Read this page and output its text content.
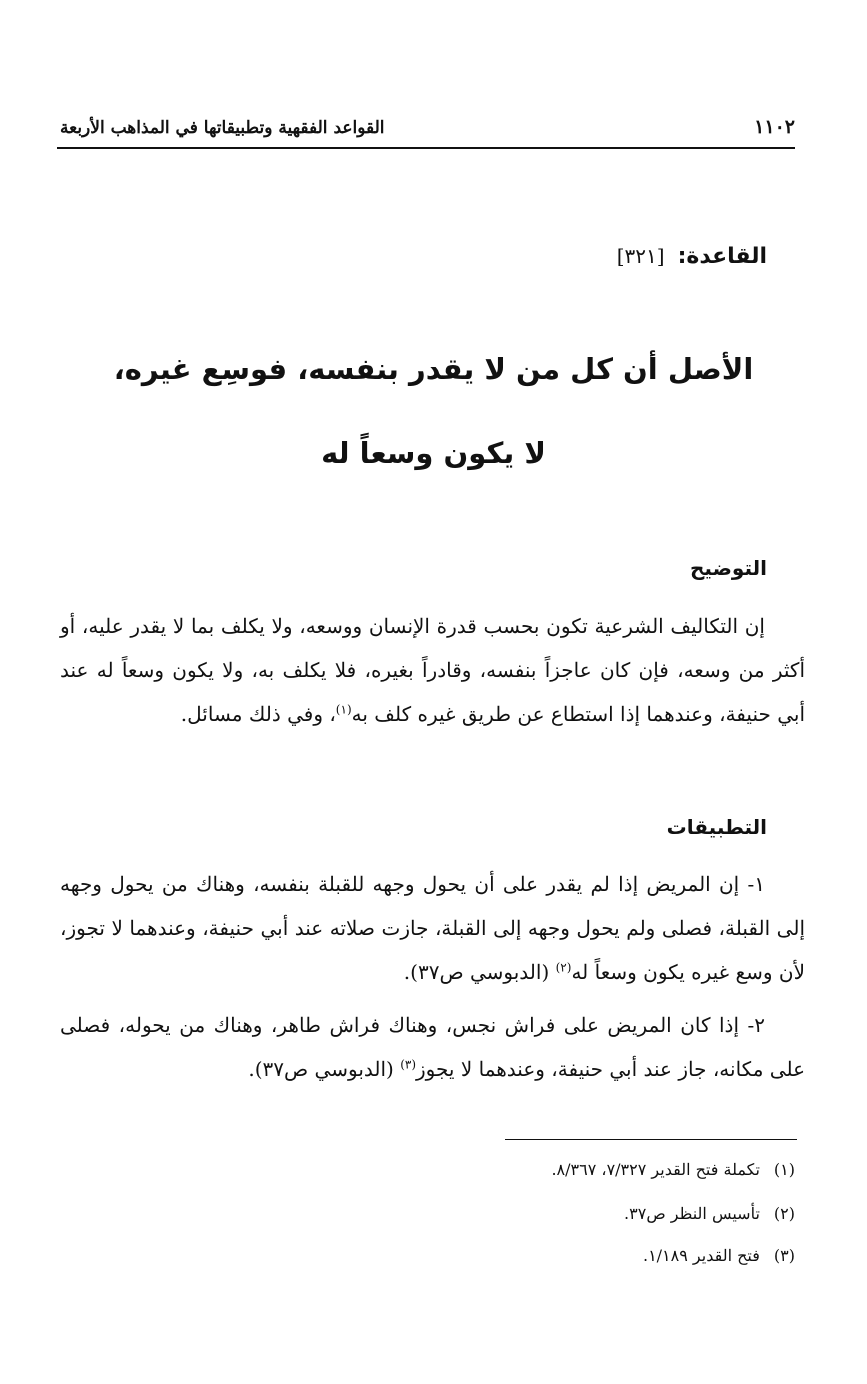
القواعد الفقهية وتطبيقاتها في المذاهب الأربعة	١١٠٢
القاعدة: [٣٢١]
الأصل أن كل من لا يقدر بنفسه، فوسِع غيره،
لا يكون وسعاً له
التوضيح

إن التكاليف الشرعية تكون بحسب قدرة الإنسان ووسعه، ولا يكلف بما لا يقدر عليه، أو أكثر من وسعه، فإن كان عاجزاً بنفسه، وقادراً بغيره، فلا يكلف به، ولا يكون وسعاً له عند أبي حنيفة، وعندهما إذا استطاع عن طريق غيره كلف به$^{(١)}$، وفي ذلك مسائل.

التطبيقات

١- إن المريض إذا لم يقدر على أن يحول وجهه للقبلة بنفسه، وهناك من يحول وجهه إلى القبلة، فصلى ولم يحول وجهه إلى القبلة، جازت صلاته عند أبي حنيفة، وعندهما لا تجوز، لأن وسع غيره يكون وسعاً له$^{(٢)}$ (الدبوسي ص٣٧).

٢- إذا كان المريض على فراش نجس، وهناك فراش طاهر، وهناك من يحوله، فصلى على مكانه، جاز عند أبي حنيفة، وعندهما لا يجوز$^{(٣)}$ (الدبوسي ص٣٧).

(١)تكملة فتح القدير ٧/٣٢٧، ٨/٣٦٧.
(٢)تأسيس النظر ص٣٧.
(٣)فتح القدير ١/١٨٩.
